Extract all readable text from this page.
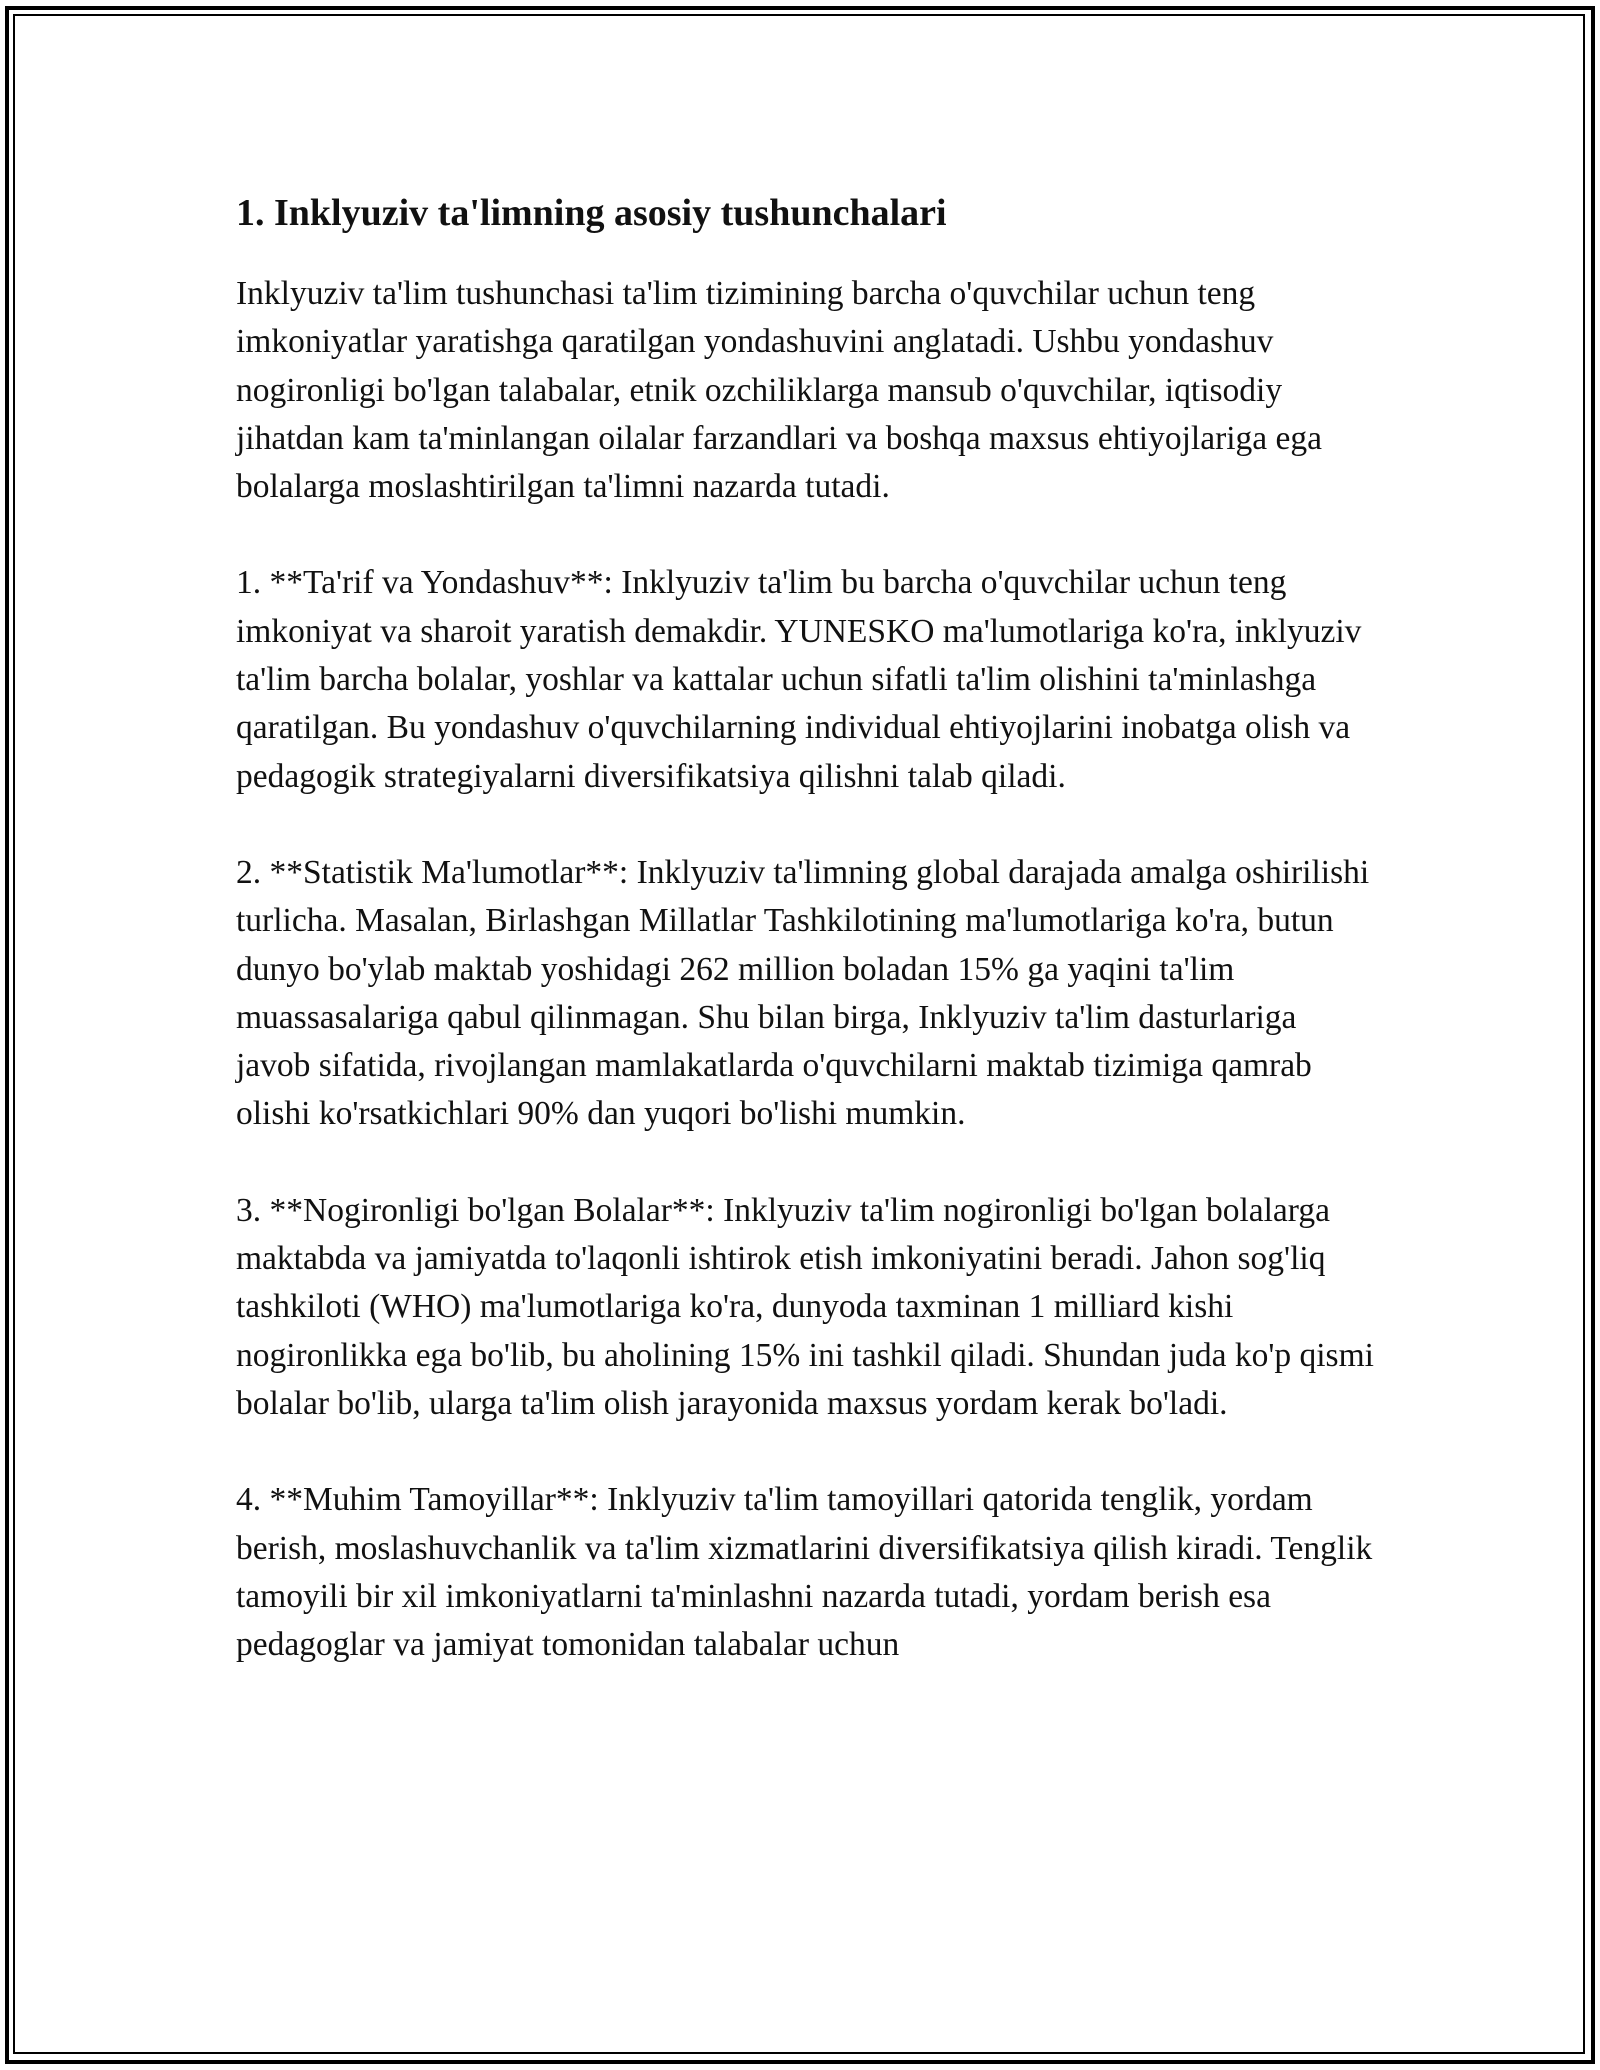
1. Inklyuziv ta'limning asosiy tushunchalari

Inklyuziv ta'lim tushunchasi ta'lim tizimining barcha o'quvchilar uchun teng imkoniyatlar yaratishga qaratilgan yondashuvini anglatadi. Ushbu yondashuv nogironligi bo'lgan talabalar, etnik ozchiliklarga mansub o'quvchilar, iqtisodiy jihatdan kam ta'minlangan oilalar farzandlari va boshqa maxsus ehtiyojlariga ega bolalarga moslashtirilgan ta'limni nazarda tutadi.

1. **Ta'rif va Yondashuv**: Inklyuziv ta'lim bu barcha o'quvchilar uchun teng imkoniyat va sharoit yaratish demakdir. YUNESKO ma'lumotlariga ko'ra, inklyuziv ta'lim barcha bolalar, yoshlar va kattalar uchun sifatli ta'lim olishini ta'minlashga qaratilgan. Bu yondashuv o'quvchilarning individual ehtiyojlarini inobatga olish va pedagogik strategiyalarni diversifikatsiya qilishni talab qiladi.

2. **Statistik Ma'lumotlar**: Inklyuziv ta'limning global darajada amalga oshirilishi turlicha. Masalan, Birlashgan Millatlar Tashkilotining ma'lumotlariga ko'ra, butun dunyo bo'ylab maktab yoshidagi 262 million boladan 15% ga yaqini ta'lim muassasalariga qabul qilinmagan. Shu bilan birga, Inklyuziv ta'lim dasturlariga javob sifatida, rivojlangan mamlakatlarda o'quvchilarni maktab tizimiga qamrab olishi ko'rsatkichlari 90% dan yuqori bo'lishi mumkin.

3. **Nogironligi bo'lgan Bolalar**: Inklyuziv ta'lim nogironligi bo'lgan bolalarga maktabda va jamiyatda to'laqonli ishtirok etish imkoniyatini beradi. Jahon sog'liq tashkiloti (WHO) ma'lumotlariga ko'ra, dunyoda taxminan 1 milliard kishi nogironlikka ega bo'lib, bu aholining 15% ini tashkil qiladi. Shundan juda ko'p qismi bolalar bo'lib, ularga ta'lim olish jarayonida maxsus yordam kerak bo'ladi.

4. **Muhim Tamoyillar**: Inklyuziv ta'lim tamoyillari qatorida tenglik, yordam berish, moslashuvchanlik va ta'lim xizmatlarini diversifikatsiya qilish kiradi. Tenglik tamoyili bir xil imkoniyatlarni ta'minlashni nazarda tutadi, yordam berish esa pedagoglar va jamiyat tomonidan talabalar uchun
